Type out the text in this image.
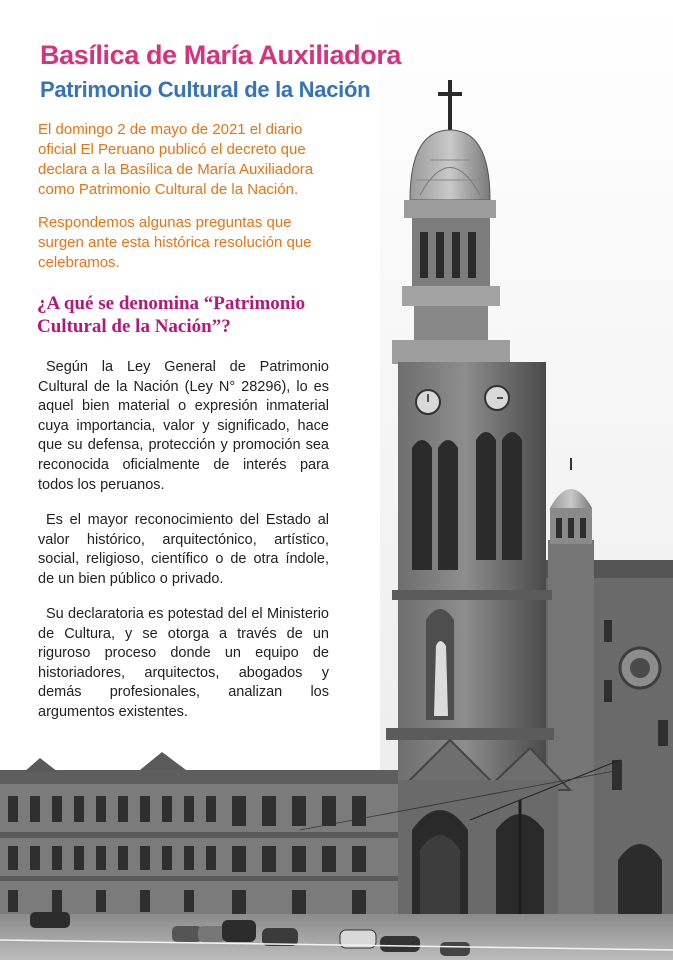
Basílica de María Auxiliadora
Patrimonio Cultural de la Nación

El domingo 2 de mayo de 2021 el diario oficial El Peruano publicó el decreto que declara a la Basílica de María Auxiliadora como Patrimonio Cultural de la Nación.

Respondemos algunas preguntas que surgen ante esta histórica resolución que celebramos.

¿A qué se denomina “Patrimonio Cultural de la Nación”?

Según la Ley General de Patrimonio Cultural de la Nación (Ley N° 28296), lo es aquel bien material o expresión inmaterial cuya importancia, valor y significado, hace que su defensa, protección y promoción sea reconocida oficialmente de interés para todos los peruanos.

Es el mayor reconocimiento del Estado al valor histórico, arquitectónico, artístico, social, religioso, científico o de otra índole, de un bien público o privado.

Su declaratoria es potestad del el Ministerio de Cultura, y se otorga a través de un riguroso proceso donde un equipo de historiadores, arquitectos, abogados y demás profesionales, analizan los argumentos existentes.
